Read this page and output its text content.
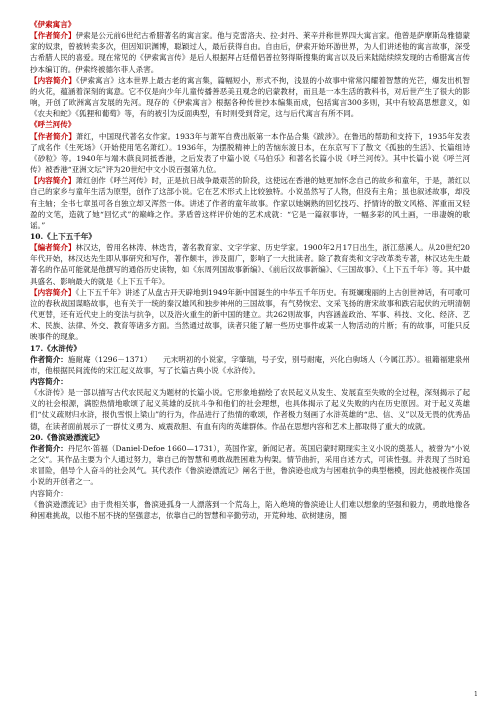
《伊索寓言》

【作者简介】伊索是公元前6世纪古希腊著名的寓言家。他与克雷洛夫、拉·封丹、莱辛并称世界四大寓言家。他曾是萨摩斯岛雅德蒙家的奴隶，曾被转卖多次，但因知识渊博，聪颖过人，最后获得自由。自由后，伊索开始环游世界，为人们讲述他的寓言故事，深受古希腊人民的喜爱。现在常见的《伊索寓言传》是后人根据拜占廷僧侣普拉努得斯搜集的寓言以及后来陆陆续续发现的古希腊寓言传抄本编订的。伊索终被德尔菲人杀害。

【内容简介】《伊索寓言》这本世界上最古老的寓言集，篇幅短小，形式不拘，浅显的小故事中常常闪耀着智慧的光芒，爆发出机智的火花，蕴涵着深刻的寓意。它不仅是向少年儿童传播善恶美丑观念的启蒙教材，而且是一本生活的教科书，对后世产生了很大的影响，开创了欧洲寓言发展的先河。现存的《伊索寓言》根据各种传世抄本编集而成，包括寓言300多则，其中有较高思想意义，如《农夫和蛇》《狐狸和葡萄》等，有的被引为反面典型，有时则受到背定，这与后代寓言有所不同。

《呼兰河传》

【作者简介】萧红，中国现代著名女作家。1933年与萧军自费出版第一本作品合集《跋涉》。在鲁迅的帮助和支持下，1935年发表了成名作《生死场》（开始使用笔名萧红）。1936年，为摆脱精神上的苦恼东渡日本，在东京写下了散文《孤独的生活》、长篇组诗《砂粒》等。1940年与端木蕻良同抵香港，之后发表了中篇小说《马伯乐》和著名长篇小说《呼兰河传》。其中长篇小说《呼兰河传》被香港“亚洲文坛”评为20世纪中文小说百强第九位。

【内容简介】萧红创作《呼兰河传》时，正是抗日战争最艰苦的阶段，这使远在香港的她更加怀念自己的故乡和童年，于是，萧红以自己的家乡与童年生活为原型，创作了这部小说。它在艺术形式上比较独特。小说虽然写了人物，但没有主角；虽也叙述故事，却没有主轴；全书七章虽可各自独立却又浑然一体。讲述了作者的童年故事。作家以她娴熟的回忆技巧、抒情诗的散文风格、浑重而又轻盈的文笔，造就了她“回忆式”的巅峰之作。茅盾曾这样评价她的艺术成就：“它是一篇叙事诗，一幅多彩的风土画，一串凄婉的歌谣。”

10.《上下五千年》

【编者简介】林汉达，曾用名林涛、林迭肯，著名教育家、文字学家、历史学家。1900年2月17日出生，浙江慈溪人。从20世纪20年代开始，林汉达先生即从事研究和写作，著作颇丰，涉及面广，影响了一大批读者。除了教育类和文字改革类专著，林汉达先生最著名的作品可能就是他撰写的通俗历史读物，如《东周列国故事新编》、《前后汉故事新编》、《三国故事》、《上下五千年》等。其中最具盛名、影响最大的就是《上下五千年》。

【内容简介】《上下五千年》讲述了从盘古开天辟地到1949年新中国诞生的中华五千年历史。有斑斓瑰丽的上古创世神话，有可歌可泣的春秋战国谋略故事，也有关于一统的秦汉雄风和独步神州的三国故事，有气势恢宏、文采飞扬的唐宋故事和跌宕起伏的元明清朝代更替，还有近代史上的变法与抗争，以及浴火重生的新中国的建立。共262则故事，内容涵盖政治、军事、科技、文化、经济、艺术、民族、法律、外交、教育等诸多方面。当然通过故事，读者只能了解一些历史事件或某一人物活动的片断；有的故事，可能只反映事件的现象。

17.《水浒传》

作者简介：施耐庵（1296－1371）　　元末明初的小说家，字肇瑞，号子安，别号耐庵，兴化白驹场人（今属江苏）。祖籍福建泉州市，他根据民间流传的宋江起义故事，写了长篇古典小说《水浒传》。

内容简介：

《水浒传》是一部以描写古代农民起义为题材的长篇小说。它形象地描绘了农民起义从发生、发展直至失败的全过程，深刻揭示了起义的社会根源，满腔热情地歌颂了起义英雄的反抗斗争和他们的社会理想，也具体揭示了起义失败的内在历史原因。对于起义英雄们“仗义疏财归水浒，报仇雪恨上梁山”的行为，作品进行了热情的歌颂，作者极力刻画了水浒英雄的“忠、信、义”以及无畏的优秀品德，在读者面前展示了一群仗义勇为、威震敌胆、有血有肉的英雄群体。作品在思想内容和艺术上都取得了重大的成就。

20.《鲁滨逊漂流记》

作者简介：丹尼尔·笛福（Daniel·Defoe 1660—1731），英国作家，新闻记者。英国启蒙时期现实主义小说的奠基人，被誉为“小说之父”。其作品主要为个人通过努力，靠自己的智慧和勇敢战胜困难为构架。情节曲折，采用自述方式，可读性强。并表现了当时追求冒险，倡导个人奋斗的社会风气。其代表作《鲁滨逊漂流记》阐名于世，鲁滨逊也成为与困难抗争的典型楷模，因此他被视作英国小说的开创者之一。

内容简介：

《鲁滨逊漂流记》由于贵相关事，鲁滨逊孤身一人漂落到一个荒岛上，陷入绝境的鲁滨逊让人们难以想象的坚强和毅力，勇敢地像各种困难挑战，以他不屈不挠的坚强意志，依靠自己的智慧和辛勤劳动，开荒种地、砍树建房，圈

1
